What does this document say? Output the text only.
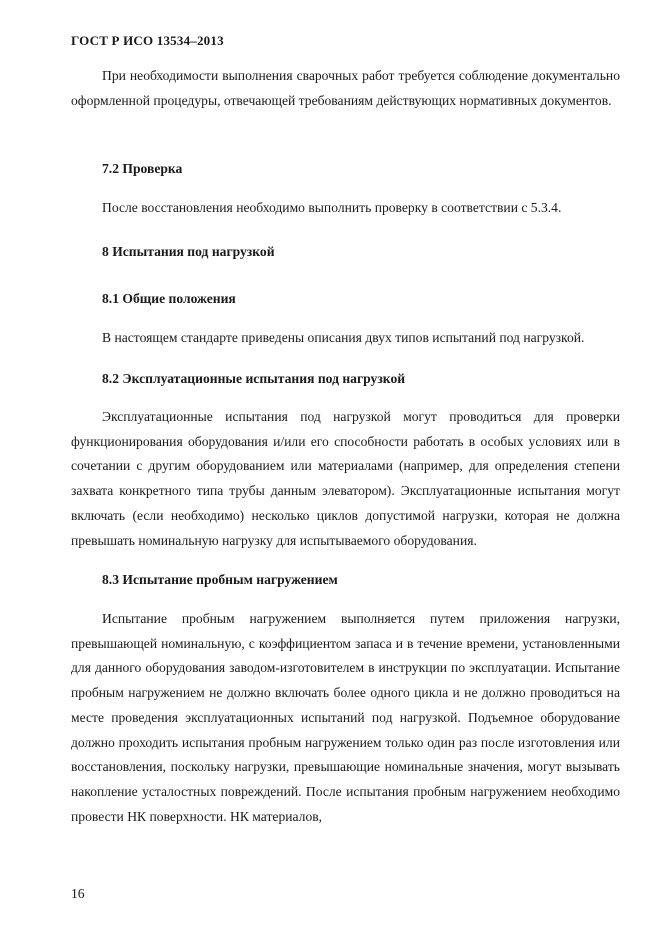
ГОСТ Р ИСО 13534–2013
При необходимости выполнения сварочных работ требуется соблюдение документально оформленной процедуры, отвечающей требованиям действующих нормативных документов.
7.2 Проверка
После восстановления необходимо выполнить проверку в соответствии с 5.3.4.
8 Испытания под нагрузкой
8.1 Общие положения
В настоящем стандарте приведены описания двух типов испытаний под нагрузкой.
8.2 Эксплуатационные испытания под нагрузкой
Эксплуатационные испытания под нагрузкой могут проводиться для проверки функционирования оборудования и/или его способности работать в особых условиях или в сочетании с другим оборудованием или материалами (например, для определения степени захвата конкретного типа трубы данным элеватором). Эксплуатационные испытания могут включать (если необходимо) несколько циклов допустимой нагрузки, которая не должна превышать номинальную нагрузку для испытываемого оборудования.
8.3 Испытание пробным нагружением
Испытание пробным нагружением выполняется путем приложения нагрузки, превышающей номинальную, с коэффициентом запаса и в течение времени, установленными для данного оборудования заводом-изготовителем в инструкции по эксплуатации. Испытание пробным нагружением не должно включать более одного цикла и не должно проводиться на месте проведения эксплуатационных испытаний под нагрузкой. Подъемное оборудование должно проходить испытания пробным нагружением только один раз после изготовления или восстановления, поскольку нагрузки, превышающие номинальные значения, могут вызывать накопление усталостных повреждений. После испытания пробным нагружением необходимо провести НК поверхности. НК материалов,
16
